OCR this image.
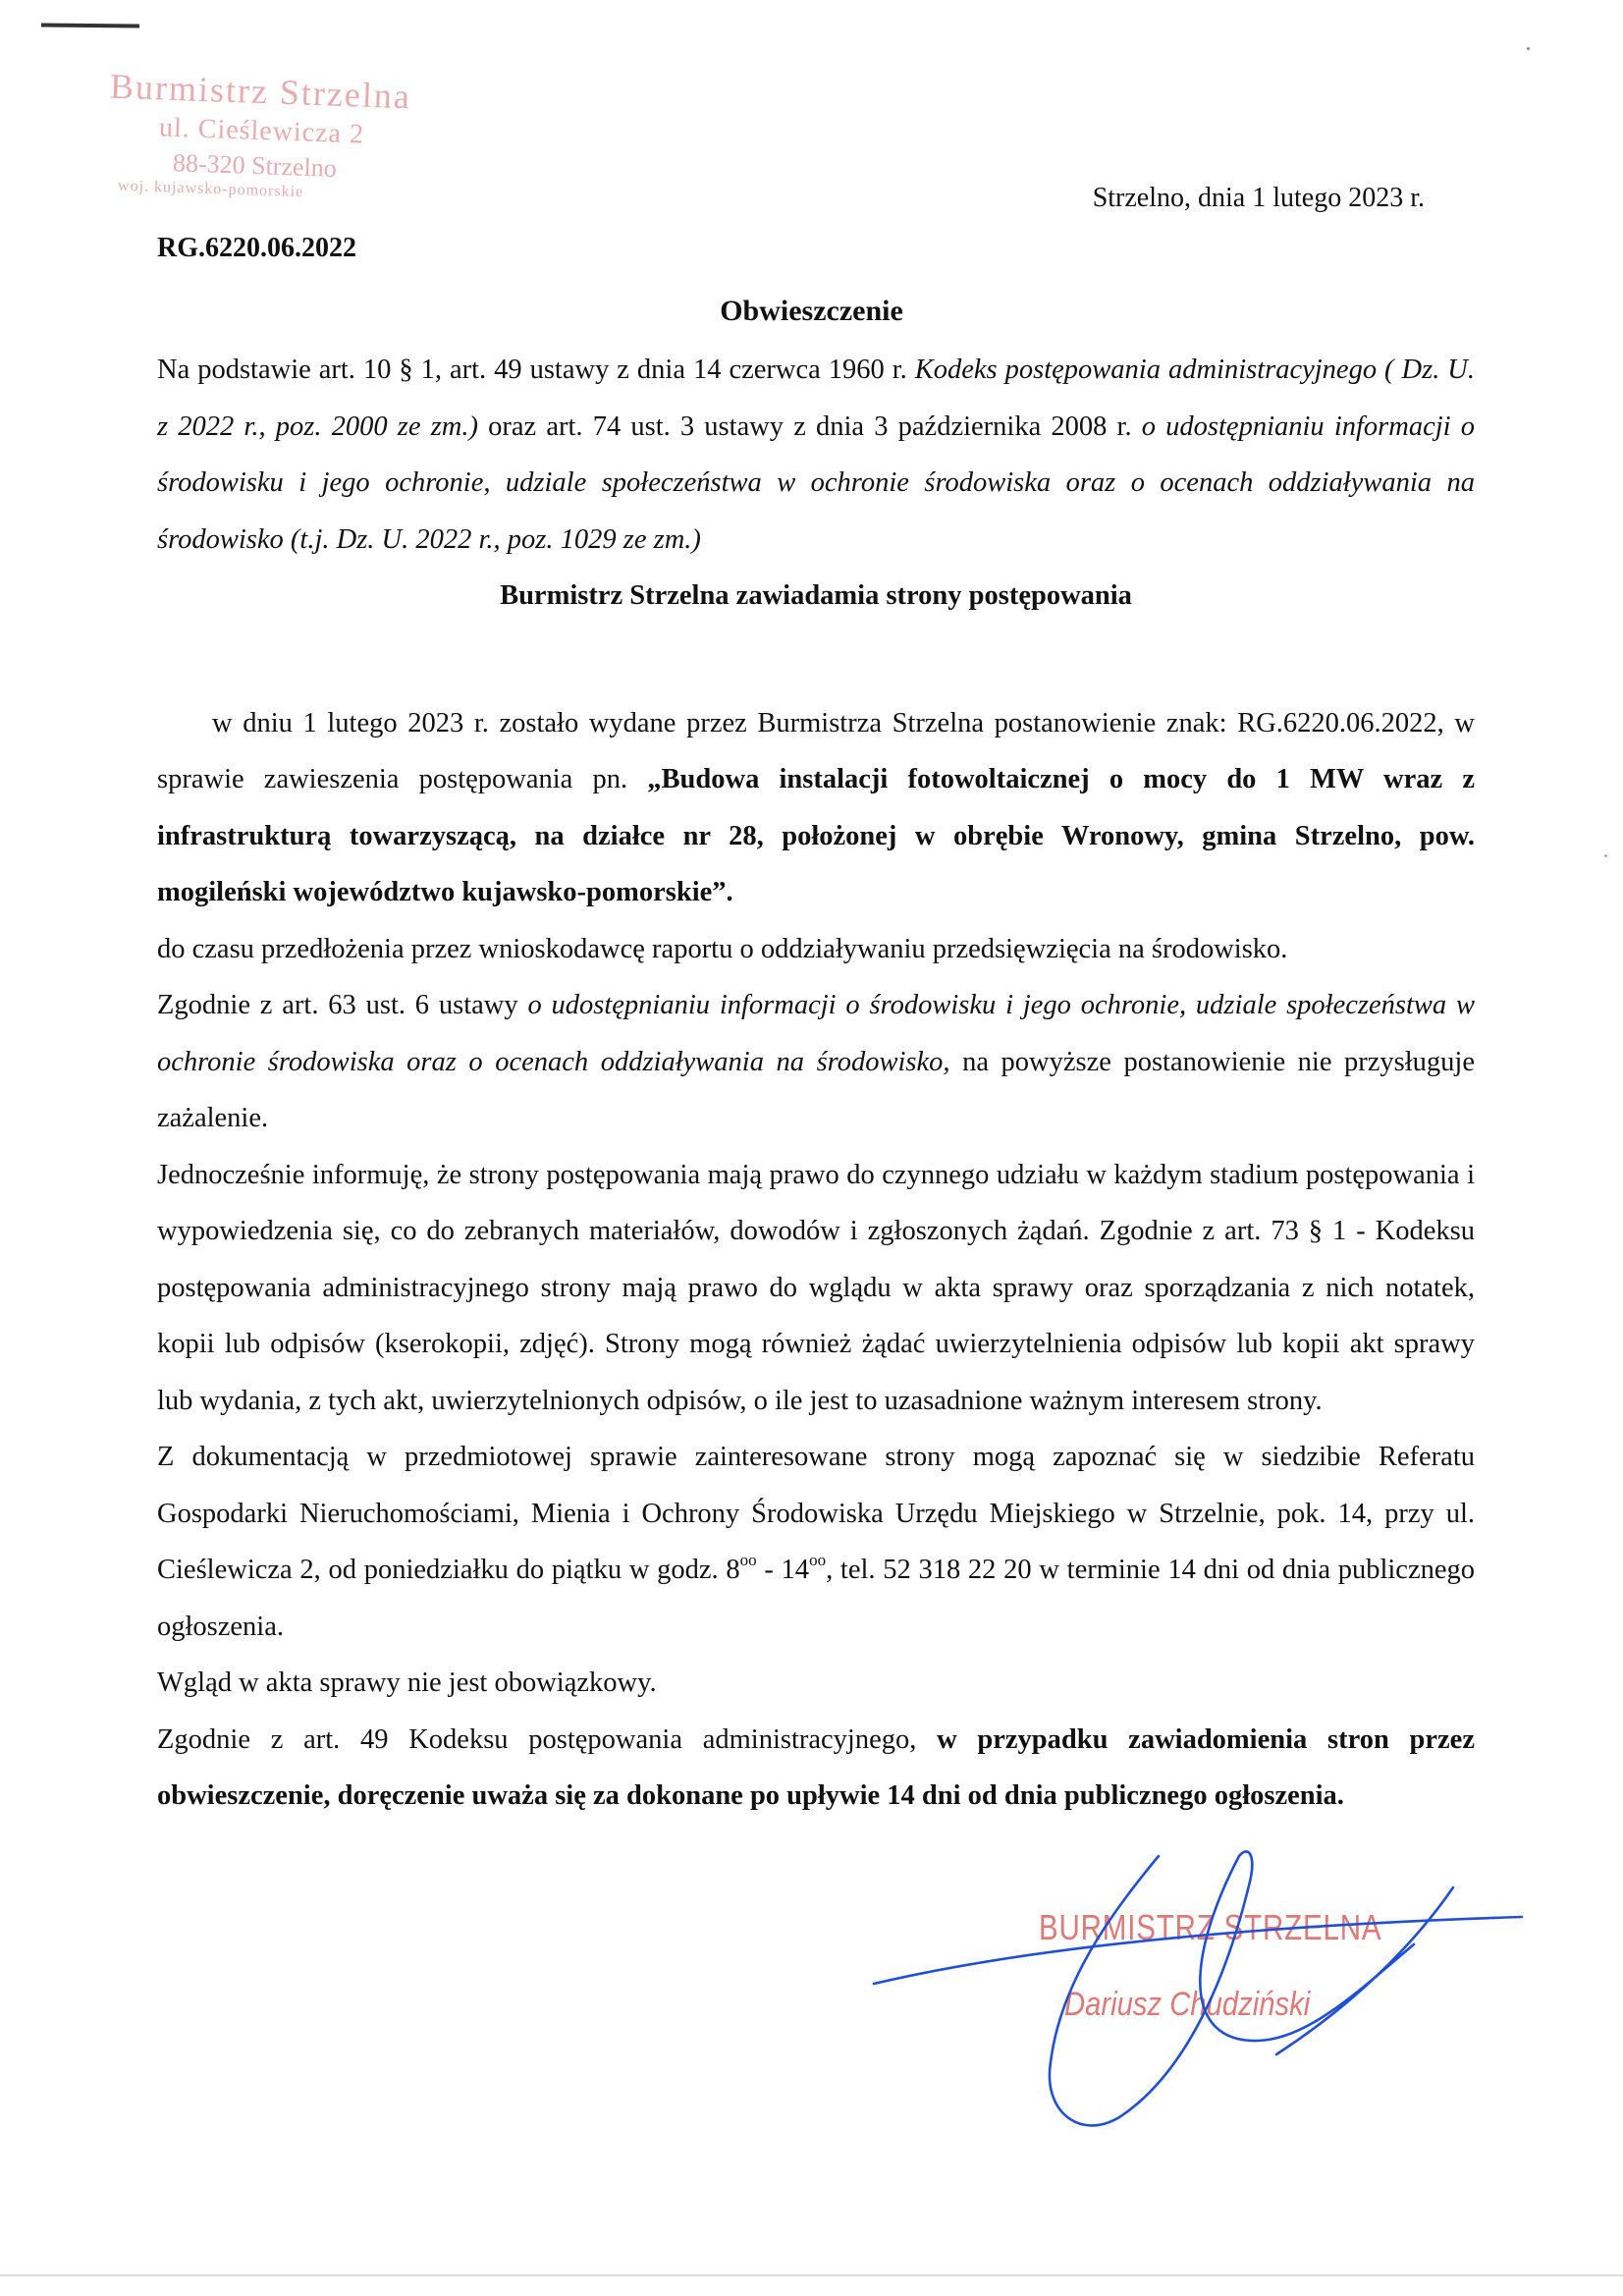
Burmistrz Strzelna
ul. Cieślewicza 2
88-320 Strzelno
woj. kujawsko-pomorskie	Strzelno, dnia 1 lutego 2023 r.
RG.6220.06.2022
Obwieszczenie

Na podstawie art. 10 § 1, art. 49 ustawy z dnia 14 czerwca 1960 r. Kodeks postępowania administracyjnego ( Dz. U. z 2022 r., poz. 2000 ze zm.) oraz art. 74 ust. 3 ustawy z dnia 3 października 2008 r. o udostępnianiu informacji o środowisku i jego ochronie, udziale społeczeństwa w ochronie środowiska oraz o ocenach oddziaływania na środowisko (t.j. Dz. U. 2022 r., poz. 1029 ze zm.)

Burmistrz Strzelna zawiadamia strony postępowania

w dniu 1 lutego 2023 r. zostało wydane przez Burmistrza Strzelna postanowienie znak: RG.6220.06.2022, w sprawie zawieszenia postępowania pn. „Budowa instalacji fotowoltaicznej o mocy do 1 MW wraz z infrastrukturą towarzyszącą, na działce nr 28, położonej w obrębie Wronowy, gmina Strzelno, pow. mogileński województwo kujawsko-pomorskie”.

do czasu przedłożenia przez wnioskodawcę raportu o oddziaływaniu przedsięwzięcia na środowisko.

Zgodnie z art. 63 ust. 6 ustawy o udostępnianiu informacji o środowisku i jego ochronie, udziale społeczeństwa w ochronie środowiska oraz o ocenach oddziaływania na środowisko, na powyższe postanowienie nie przysługuje zażalenie.

Jednocześnie informuję, że strony postępowania mają prawo do czynnego udziału w każdym stadium postępowania i wypowiedzenia się, co do zebranych materiałów, dowodów i zgłoszonych żądań. Zgodnie z art. 73 § 1 - Kodeksu postępowania administracyjnego strony mają prawo do wglądu w akta sprawy oraz sporządzania z nich notatek, kopii lub odpisów (kserokopii, zdjęć). Strony mogą również żądać uwierzytelnienia odpisów lub kopii akt sprawy lub wydania, z tych akt, uwierzytelnionych odpisów, o ile jest to uzasadnione ważnym interesem strony.

Z dokumentacją w przedmiotowej sprawie zainteresowane strony mogą zapoznać się w siedzibie Referatu Gospodarki Nieruchomościami, Mienia i Ochrony Środowiska Urzędu Miejskiego w Strzelnie, pok. 14, przy ul. Cieślewicza 2, od poniedziałku do piątku w godz. $8^{oo} - 14^{oo}$, tel. 52 318 22 20 w terminie 14 dni od dnia publicznego ogłoszenia.

Wgląd w akta sprawy nie jest obowiązkowy.

Zgodnie z art. 49 Kodeksu postępowania administracyjnego, w przypadku zawiadomienia stron przez obwieszczenie, doręczenie uważa się za dokonane po upływie 14 dni od dnia publicznego ogłoszenia.

BURMISTRZ STRZELNA
Dariusz Chudziński
